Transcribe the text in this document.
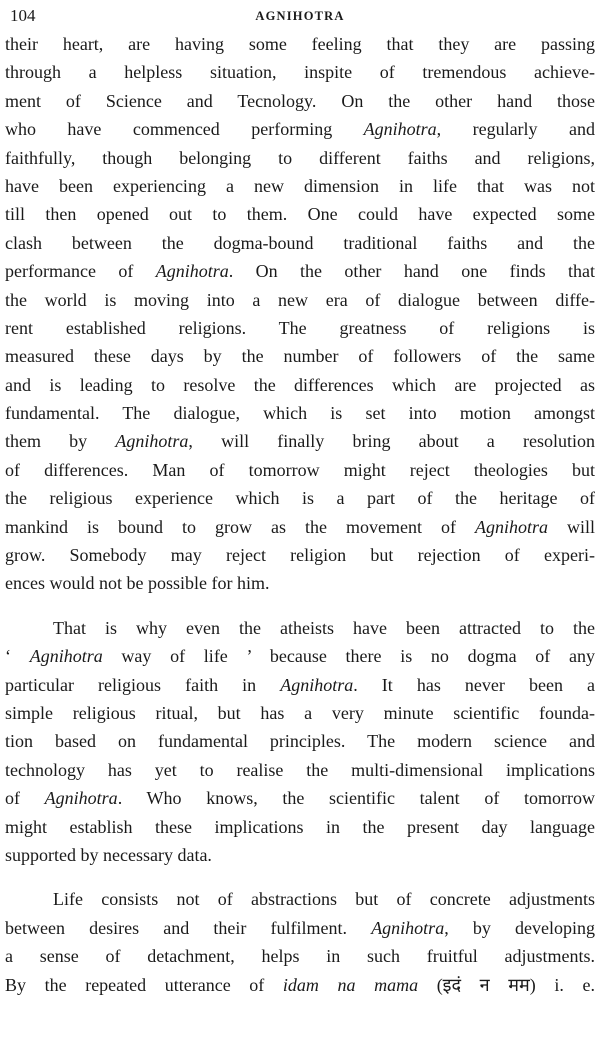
104	AGNIHOTRA
their heart, are having some feeling that they are passing
through a helpless situation, inspite of tremendous achieve-
ment of Science and Tecnology. On the other hand those
who have commenced performing Agnihotra, regularly and
faithfully, though belonging to different faiths and religions,
have been experiencing a new dimension in life that was not
till then opened out to them. One could have expected some
clash between the dogma-bound traditional faiths and the
performance of Agnihotra. On the other hand one finds that
the world is moving into a new era of dialogue between diffe-
rent established religions. The greatness of religions is
measured these days by the number of followers of the same
and is leading to resolve the differences which are projected as
fundamental. The dialogue, which is set into motion amongst
them by Agnihotra, will finally bring about a resolution
of differences. Man of tomorrow might reject theologies but
the religious experience which is a part of the heritage of
mankind is bound to grow as the movement of Agnihotra will
grow. Somebody may reject religion but rejection of experi-
ences would not be possible for him.
That is why even the atheists have been attracted to the
‘ Agnihotra way of life ’ because there is no dogma of any
particular religious faith in Agnihotra. It has never been a
simple religious ritual, but has a very minute scientific founda-
tion based on fundamental principles. The modern science and
technology has yet to realise the multi-dimensional implications
of Agnihotra. Who knows, the scientific talent of tomorrow
might establish these implications in the present day language
supported by necessary data.
Life consists not of abstractions but of concrete adjustments
between desires and their fulfilment. Agnihotra, by developing
a sense of detachment, helps in such fruitful adjustments.
By the repeated utterance of idam na mama (इदं न मम) i. e.
